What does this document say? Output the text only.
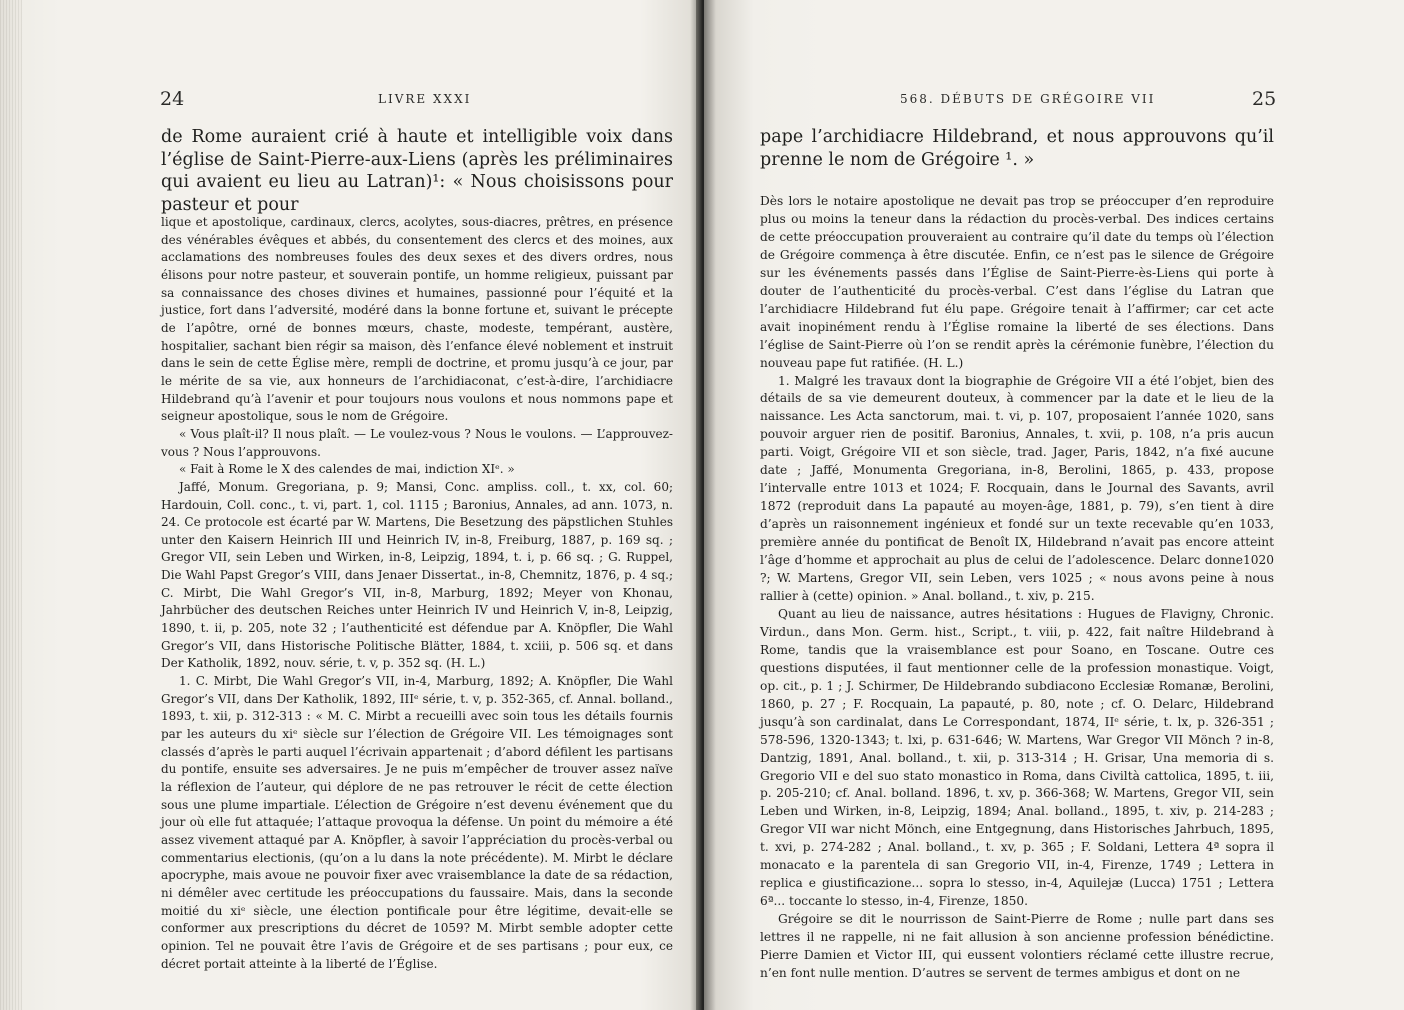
24	LIVRE XXXI

de Rome auraient crié à haute et intelligible voix dans l’église de Saint-Pierre-aux-Liens (après les préliminaires qui avaient eu lieu au Latran)¹: « Nous choisissons pour pasteur et pour

lique et apostolique, cardinaux, clercs, acolytes, sous-diacres, prêtres, en présence des vénérables évêques et abbés, du consentement des clercs et des moines, aux acclamations des nombreuses foules des deux sexes et des divers ordres, nous élisons pour notre pasteur, et souverain pontife, un homme religieux, puissant par sa connaissance des choses divines et humaines, passionné pour l’équité et la justice, fort dans l’adversité, modéré dans la bonne fortune et, suivant le précepte de l’apôtre, orné de bonnes mœurs, chaste, modeste, tempérant, austère, hospitalier, sachant bien régir sa maison, dès l’enfance élevé noblement et instruit dans le sein de cette Église mère, rempli de doctrine, et promu jusqu’à ce jour, par le mérite de sa vie, aux honneurs de l’archidiaconat, c’est-à-dire, l’archidiacre Hildebrand qu’à l’avenir et pour toujours nous voulons et nous nommons pape et seigneur apostolique, sous le nom de Grégoire.

« Vous plaît-il? Il nous plaît. — Le voulez-vous ? Nous le voulons. — L’approuvez-vous ? Nous l’approuvons.

« Fait à Rome le X des calendes de mai, indiction XIᵉ. »

Jaffé, Monum. Gregoriana, p. 9; Mansi, Conc. ampliss. coll., t. xx, col. 60; Hardouin, Coll. conc., t. vi, part. 1, col. 1115 ; Baronius, Annales, ad ann. 1073, n. 24. Ce protocole est écarté par W. Martens, Die Besetzung des päpstlichen Stuhles unter den Kaisern Heinrich III und Heinrich IV, in-8, Freiburg, 1887, p. 169 sq. ; Gregor VII, sein Leben und Wirken, in-8, Leipzig, 1894, t. i, p. 66 sq. ; G. Ruppel, Die Wahl Papst Gregor’s VIII, dans Jenaer Dissertat., in-8, Chemnitz, 1876, p. 4 sq.; C. Mirbt, Die Wahl Gregor’s VII, in-8, Marburg, 1892; Meyer von Khonau, Jahrbücher des deutschen Reiches unter Heinrich IV und Heinrich V, in-8, Leipzig, 1890, t. ii, p. 205, note 32 ; l’authenticité est défendue par A. Knöpfler, Die Wahl Gregor’s VII, dans Historische Politische Blätter, 1884, t. xciii, p. 506 sq. et dans Der Katholik, 1892, nouv. série, t. v, p. 352 sq. (H. L.)

1. C. Mirbt, Die Wahl Gregor’s VII, in-4, Marburg, 1892; A. Knöpfler, Die Wahl Gregor’s VII, dans Der Katholik, 1892, IIIᵉ série, t. v, p. 352-365, cf. Annal. bolland., 1893, t. xii, p. 312-313 : « M. C. Mirbt a recueilli avec soin tous les détails fournis par les auteurs du xiᵉ siècle sur l’élection de Grégoire VII. Les témoignages sont classés d’après le parti auquel l’écrivain appartenait ; d’abord défilent les partisans du pontife, ensuite ses adversaires. Je ne puis m’empêcher de trouver assez naïve la réflexion de l’auteur, qui déplore de ne pas retrouver le récit de cette élection sous une plume impartiale. L’élection de Grégoire n’est devenu événement que du jour où elle fut attaquée; l’attaque provoqua la défense. Un point du mémoire a été assez vivement attaqué par A. Knöpfler, à savoir l’appréciation du procès-verbal ou commentarius electionis, (qu’on a lu dans la note précédente). M. Mirbt le déclare apocryphe, mais avoue ne pouvoir fixer avec vraisemblance la date de sa rédaction, ni démêler avec certitude les préoccupations du faussaire. Mais, dans la seconde moitié du xiᵉ siècle, une élection pontificale pour être légitime, devait-elle se conformer aux prescriptions du décret de 1059? M. Mirbt semble adopter cette opinion. Tel ne pouvait être l’avis de Grégoire et de ses partisans ; pour eux, ce décret portait atteinte à la liberté de l’Église.

568. DÉBUTS DE GRÉGOIRE VII	25

pape l’archidiacre Hildebrand, et nous approuvons qu’il prenne le nom de Grégoire ¹. »

Dès lors le notaire apostolique ne devait pas trop se préoccuper d’en reproduire plus ou moins la teneur dans la rédaction du procès-verbal. Des indices certains de cette préoccupation prouveraient au contraire qu’il date du temps où l’élection de Grégoire commença à être discutée. Enfin, ce n’est pas le silence de Grégoire sur les événements passés dans l’Église de Saint-Pierre-ès-Liens qui porte à douter de l’authenticité du procès-verbal. C’est dans l’église du Latran que l’archidiacre Hildebrand fut élu pape. Grégoire tenait à l’affirmer; car cet acte avait inopinément rendu à l’Église romaine la liberté de ses élections. Dans l’église de Saint-Pierre où l’on se rendit après la cérémonie funèbre, l’élection du nouveau pape fut ratifiée. (H. L.)

1. Malgré les travaux dont la biographie de Grégoire VII a été l’objet, bien des détails de sa vie demeurent douteux, à commencer par la date et le lieu de la naissance. Les Acta sanctorum, mai. t. vi, p. 107, proposaient l’année 1020, sans pouvoir arguer rien de positif. Baronius, Annales, t. xvii, p. 108, n’a pris aucun parti. Voigt, Grégoire VII et son siècle, trad. Jager, Paris, 1842, n’a fixé aucune date ; Jaffé, Monumenta Gregoriana, in-8, Berolini, 1865, p. 433, propose l’intervalle entre 1013 et 1024; F. Rocquain, dans le Journal des Savants, avril 1872 (reproduit dans La papauté au moyen-âge, 1881, p. 79), s’en tient à dire d’après un raisonnement ingénieux et fondé sur un texte recevable qu’en 1033, première année du pontificat de Benoît IX, Hildebrand n’avait pas encore atteint l’âge d’homme et approchait au plus de celui de l’adolescence. Delarc donne1020 ?; W. Martens, Gregor VII, sein Leben, vers 1025 ; « nous avons peine à nous rallier à (cette) opinion. » Anal. bolland., t. xiv, p. 215.

Quant au lieu de naissance, autres hésitations : Hugues de Flavigny, Chronic. Virdun., dans Mon. Germ. hist., Script., t. viii, p. 422, fait naître Hildebrand à Rome, tandis que la vraisemblance est pour Soano, en Toscane. Outre ces questions disputées, il faut mentionner celle de la profession monastique. Voigt, op. cit., p. 1 ; J. Schirmer, De Hildebrando subdiacono Ecclesiæ Romanæ, Berolini, 1860, p. 27 ; F. Rocquain, La papauté, p. 80, note ; cf. O. Delarc, Hildebrand jusqu’à son cardinalat, dans Le Correspondant, 1874, IIᵉ série, t. lx, p. 326-351 ; 578-596, 1320-1343; t. lxi, p. 631-646; W. Martens, War Gregor VII Mönch ? in-8, Dantzig, 1891, Anal. bolland., t. xii, p. 313-314 ; H. Grisar, Una memoria di s. Gregorio VII e del suo stato monastico in Roma, dans Civiltà cattolica, 1895, t. iii, p. 205-210; cf. Anal. bolland. 1896, t. xv, p. 366-368; W. Martens, Gregor VII, sein Leben und Wirken, in-8, Leipzig, 1894; Anal. bolland., 1895, t. xiv, p. 214-283 ; Gregor VII war nicht Mönch, eine Entgegnung, dans Historisches Jahrbuch, 1895, t. xvi, p. 274-282 ; Anal. bolland., t. xv, p. 365 ; F. Soldani, Lettera 4ª sopra il monacato e la parentela di san Gregorio VII, in-4, Firenze, 1749 ; Lettera in replica e giustificazione... sopra lo stesso, in-4, Aquilejæ (Lucca) 1751 ; Lettera 6ª... toccante lo stesso, in-4, Firenze, 1850.

Grégoire se dit le nourrisson de Saint-Pierre de Rome ; nulle part dans ses lettres il ne rappelle, ni ne fait allusion à son ancienne profession bénédictine. Pierre Damien et Victor III, qui eussent volontiers réclamé cette illustre recrue, n’en font nulle mention. D’autres se servent de termes ambigus et dont on ne
